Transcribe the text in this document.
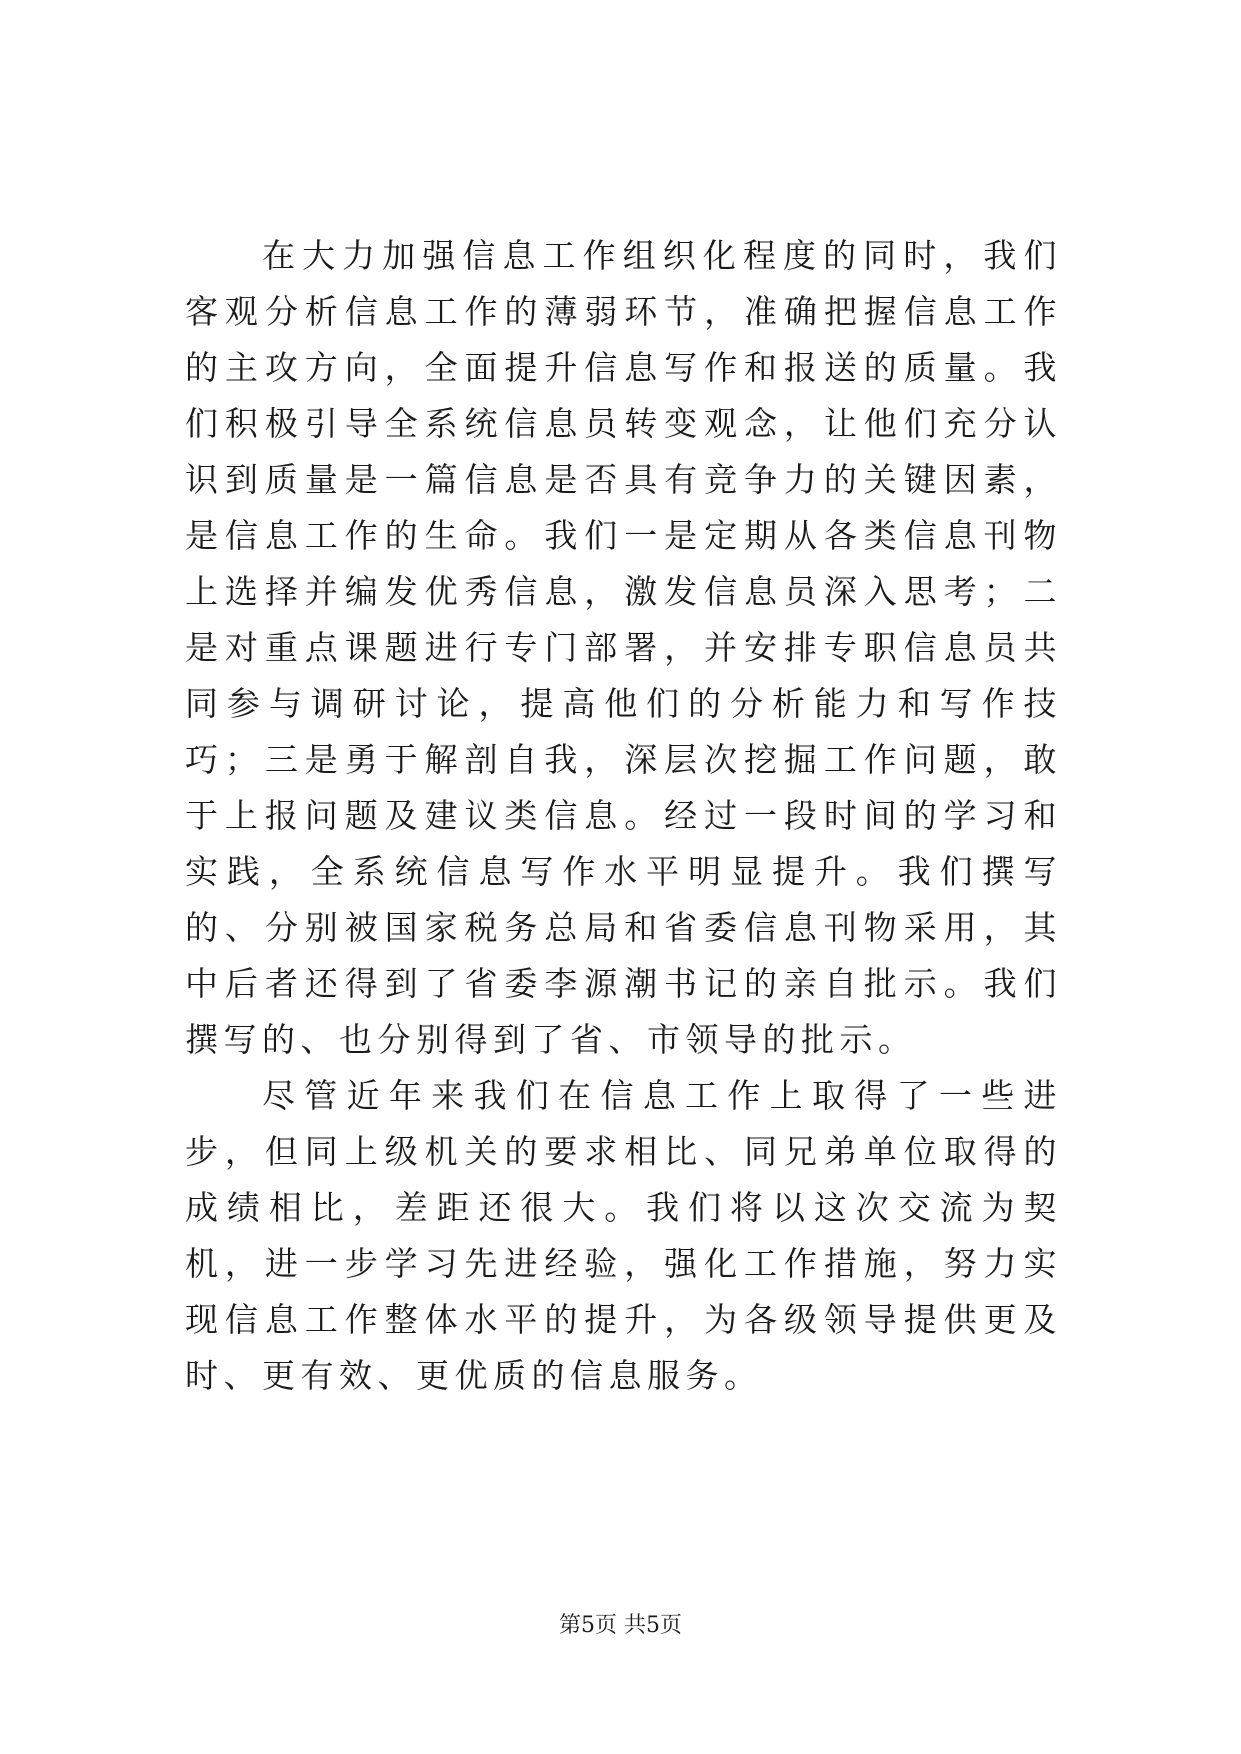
在大力加强信息工作组织化程度的同时，我们客观分析信息工作的薄弱环节，准确把握信息工作的主攻方向，全面提升信息写作和报送的质量。我们积极引导全系统信息员转变观念，让他们充分认识到质量是一篇信息是否具有竞争力的关键因素，是信息工作的生命。我们一是定期从各类信息刊物上选择并编发优秀信息，激发信息员深入思考；二是对重点课题进行专门部署，并安排专职信息员共同参与调研讨论，提高他们的分析能力和写作技巧；三是勇于解剖自我，深层次挖掘工作问题，敢于上报问题及建议类信息。经过一段时间的学习和实践，全系统信息写作水平明显提升。我们撰写的、分别被国家税务总局和省委信息刊物采用，其中后者还得到了省委李源潮书记的亲自批示。我们撰写的、也分别得到了省、市领导的批示。

尽管近年来我们在信息工作上取得了一些进步，但同上级机关的要求相比、同兄弟单位取得的成绩相比，差距还很大。我们将以这次交流为契机，进一步学习先进经验，强化工作措施，努力实现信息工作整体水平的提升，为各级领导提供更及时、更有效、更优质的信息服务。

第5页 共5页
